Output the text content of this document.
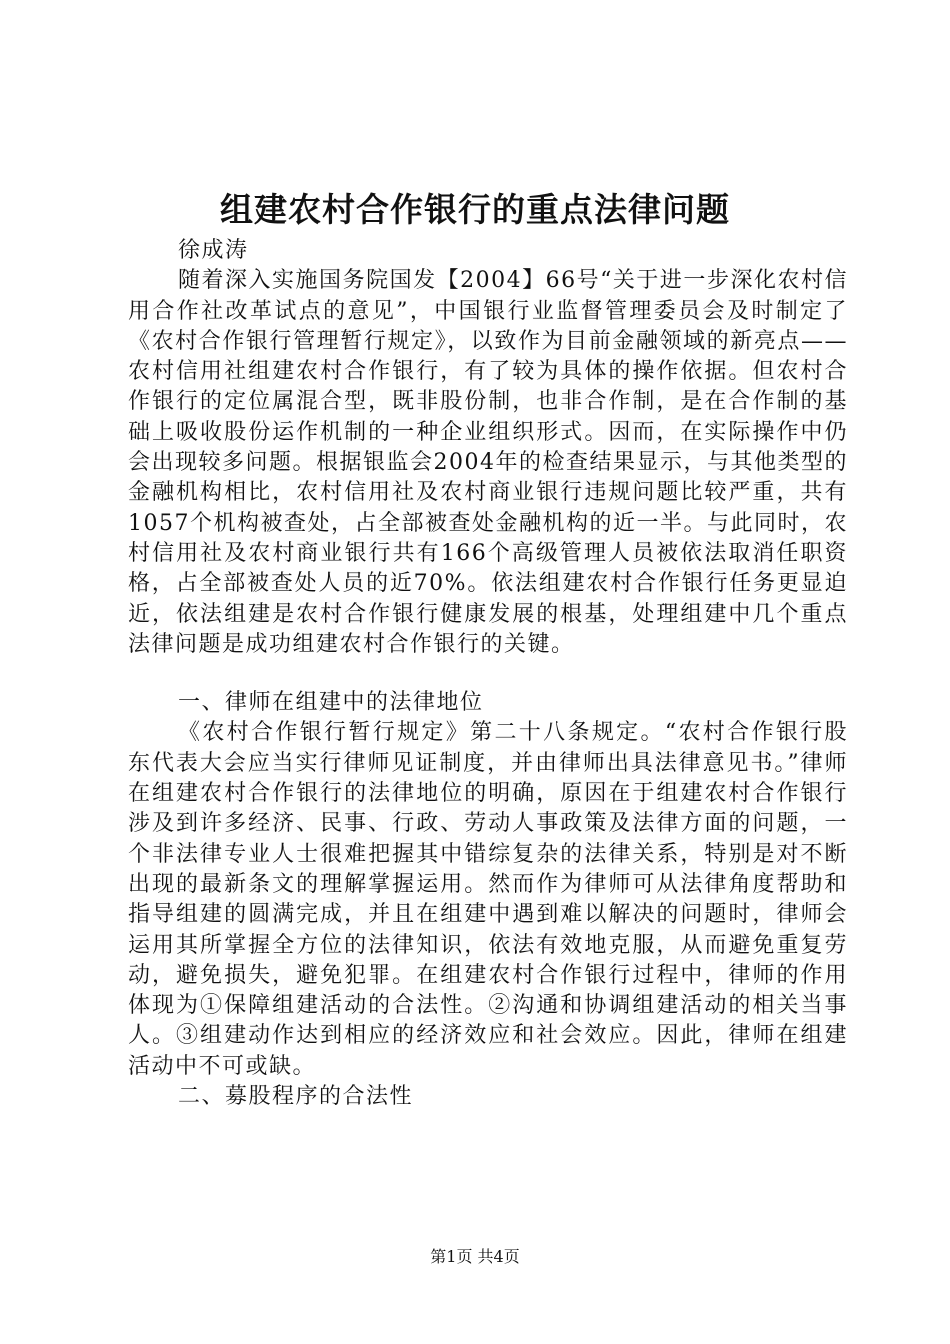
组建农村合作银行的重点法律问题

徐成涛

随着深入实施国务院国发【2004】66号“关于进一步深化农村信用合作社改革试点的意见”，中国银行业监督管理委员会及时制定了《农村合作银行管理暂行规定》，以致作为目前金融领域的新亮点——农村信用社组建农村合作银行，有了较为具体的操作依据。但农村合作银行的定位属混合型，既非股份制，也非合作制，是在合作制的基础上吸收股份运作机制的一种企业组织形式。因而，在实际操作中仍会出现较多问题。根据银监会2004年的检查结果显示，与其他类型的金融机构相比，农村信用社及农村商业银行违规问题比较严重，共有1057个机构被查处，占全部被查处金融机构的近一半。与此同时，农村信用社及农村商业银行共有166个高级管理人员被依法取消任职资格，占全部被查处人员的近70%。依法组建农村合作银行任务更显迫近，依法组建是农村合作银行健康发展的根基，处理组建中几个重点法律问题是成功组建农村合作银行的关键。

一、律师在组建中的法律地位

《农村合作银行暂行规定》第二十八条规定。“农村合作银行股东代表大会应当实行律师见证制度，并由律师出具法律意见书。”律师在组建农村合作银行的法律地位的明确，原因在于组建农村合作银行涉及到许多经济、民事、行政、劳动人事政策及法律方面的问题，一个非法律专业人士很难把握其中错综复杂的法律关系，特别是对不断出现的最新条文的理解掌握运用。然而作为律师可从法律角度帮助和指导组建的圆满完成，并且在组建中遇到难以解决的问题时，律师会运用其所掌握全方位的法律知识，依法有效地克服，从而避免重复劳动，避免损失，避免犯罪。在组建农村合作银行过程中，律师的作用体现为①保障组建活动的合法性。②沟通和协调组建活动的相关当事人。③组建动作达到相应的经济效应和社会效应。因此，律师在组建活动中不可或缺。

二、募股程序的合法性

第1页 共4页
